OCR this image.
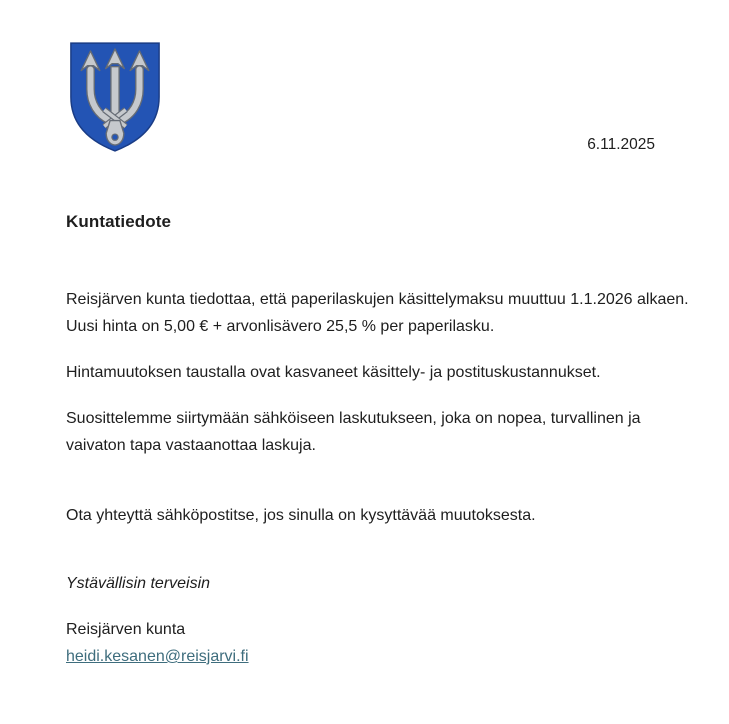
6.11.2025
Kuntatiedote

Reisjärven kunta tiedottaa, että paperilaskujen käsittelymaksu muuttuu 1.1.2026 alkaen. Uusi hinta on 5,00 € + arvonlisävero 25,5 % per paperilasku.

Hintamuutoksen taustalla ovat kasvaneet käsittely- ja postituskustannukset.

Suosittelemme siirtymään sähköiseen laskutukseen, joka on nopea, turvallinen ja vaivaton tapa vastaanottaa laskuja.

Ota yhteyttä sähköpostitse, jos sinulla on kysyttävää muutoksesta.

Ystävällisin terveisin

Reisjärven kunta
heidi.kesanen@reisjarvi.fi
